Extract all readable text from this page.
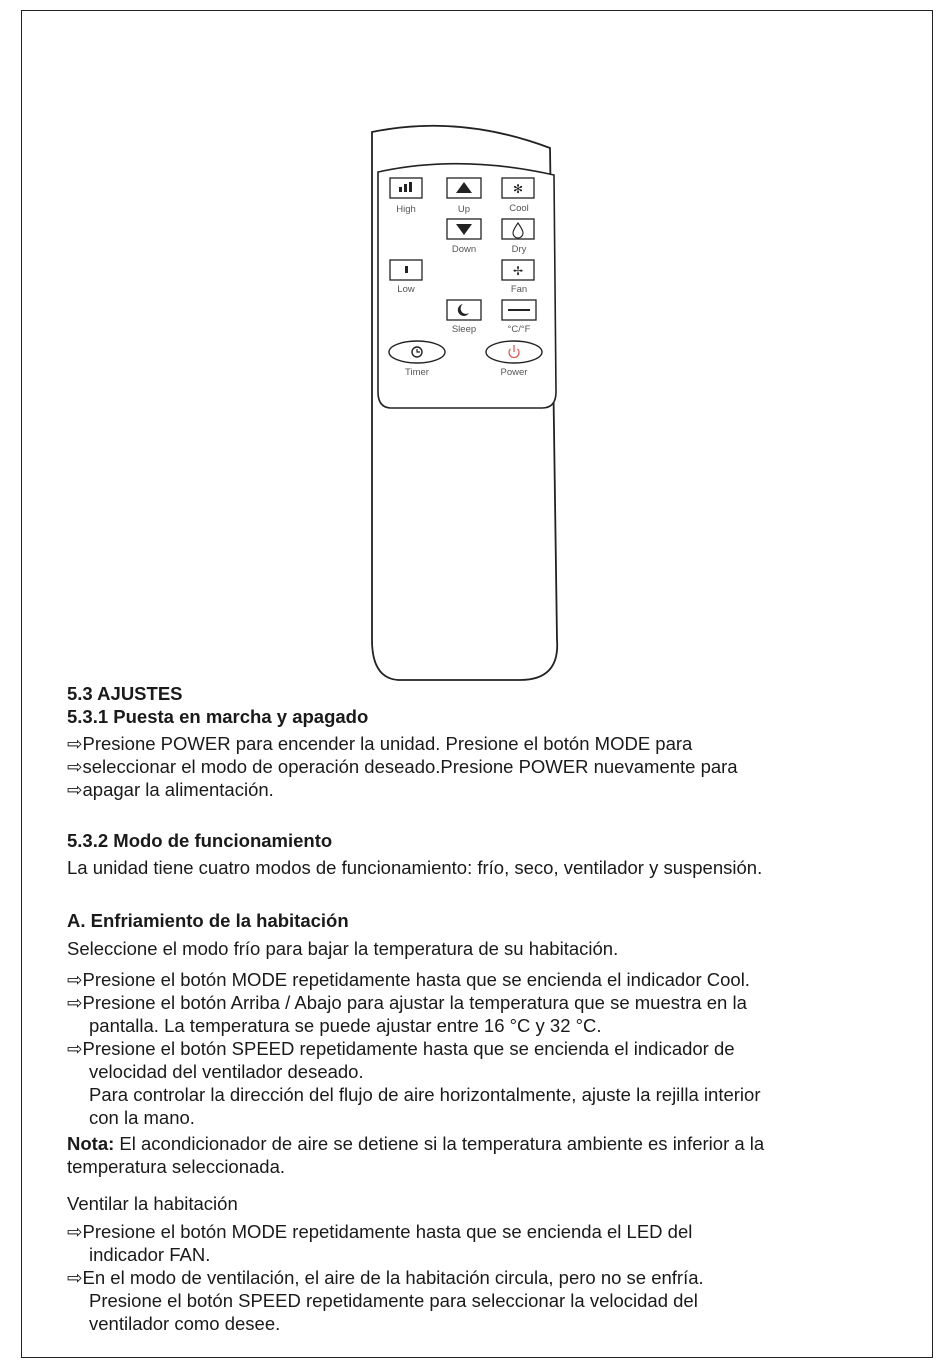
High	Up
✻
Cool
Down	Dry
Low
✢
Fan
Sleep	°C/°F
Timer	Power
5.3 AJUSTES
5.3.1 Puesta en marcha y apagado
⇨Presione POWER para encender la unidad. Presione el botón MODE para
⇨seleccionar el modo de operación deseado.Presione POWER nuevamente para
⇨apagar la alimentación.
5.3.2 Modo de funcionamiento
La unidad tiene cuatro modos de funcionamiento: frío, seco, ventilador y suspensión.
A. Enfriamiento de la habitación
Seleccione el modo frío para bajar la temperatura de su habitación.
⇨Presione el botón MODE repetidamente hasta que se encienda el indicador Cool.
⇨Presione el botón Arriba / Abajo para ajustar la temperatura que se muestra en la
pantalla. La temperatura se puede ajustar entre 16 °C y 32 °C.
⇨Presione el botón SPEED repetidamente hasta que se encienda el indicador de
velocidad del ventilador deseado.
Para controlar la dirección del flujo de aire horizontalmente, ajuste la rejilla interior
con la mano.
Nota: El acondicionador de aire se detiene si la temperatura ambiente es inferior a la
temperatura seleccionada.
Ventilar la habitación
⇨Presione el botón MODE repetidamente hasta que se encienda el LED del
indicador FAN.
⇨En el modo de ventilación, el aire de la habitación circula, pero no se enfría.
Presione el botón SPEED repetidamente para seleccionar la velocidad del
ventilador como desee.
